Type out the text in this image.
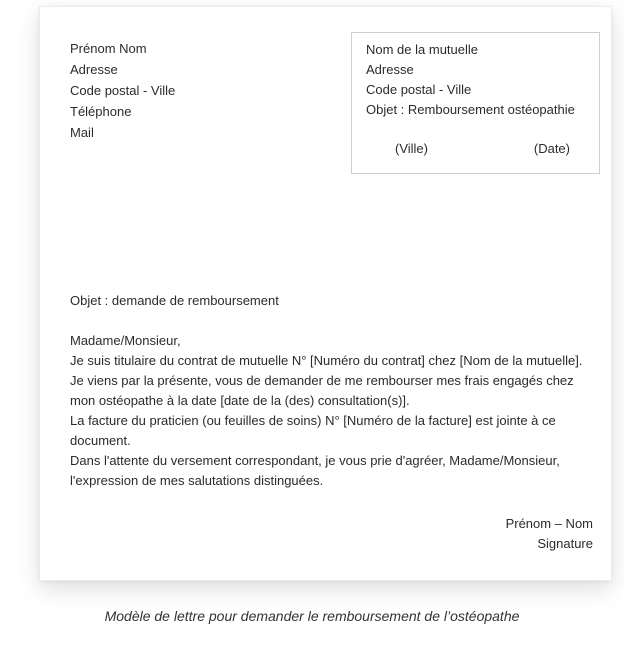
Prénom Nom
Adresse
Code postal - Ville
Téléphone
Mail
Nom de la mutuelle
Adresse
Code postal - Ville
Objet : Remboursement ostéopathie
(Ville)	(Date)
Objet : demande de remboursement

Madame/Monsieur,

Je suis titulaire du contrat de mutuelle N° [Numéro du contrat] chez [Nom de la mutuelle].

Je viens par la présente, vous de demander de me rembourser mes frais engagés chez mon ostéopathe à la date [date de la (des) consultation(s)].

La facture du praticien (ou feuilles de soins) N° [Numéro de la facture] est jointe à ce document.

Dans l'attente du versement correspondant, je vous prie d'agréer, Madame/Monsieur, l'expression de mes salutations distinguées.

Prénom – Nom
Signature
Modèle de lettre pour demander le remboursement de l’ostéopathe
